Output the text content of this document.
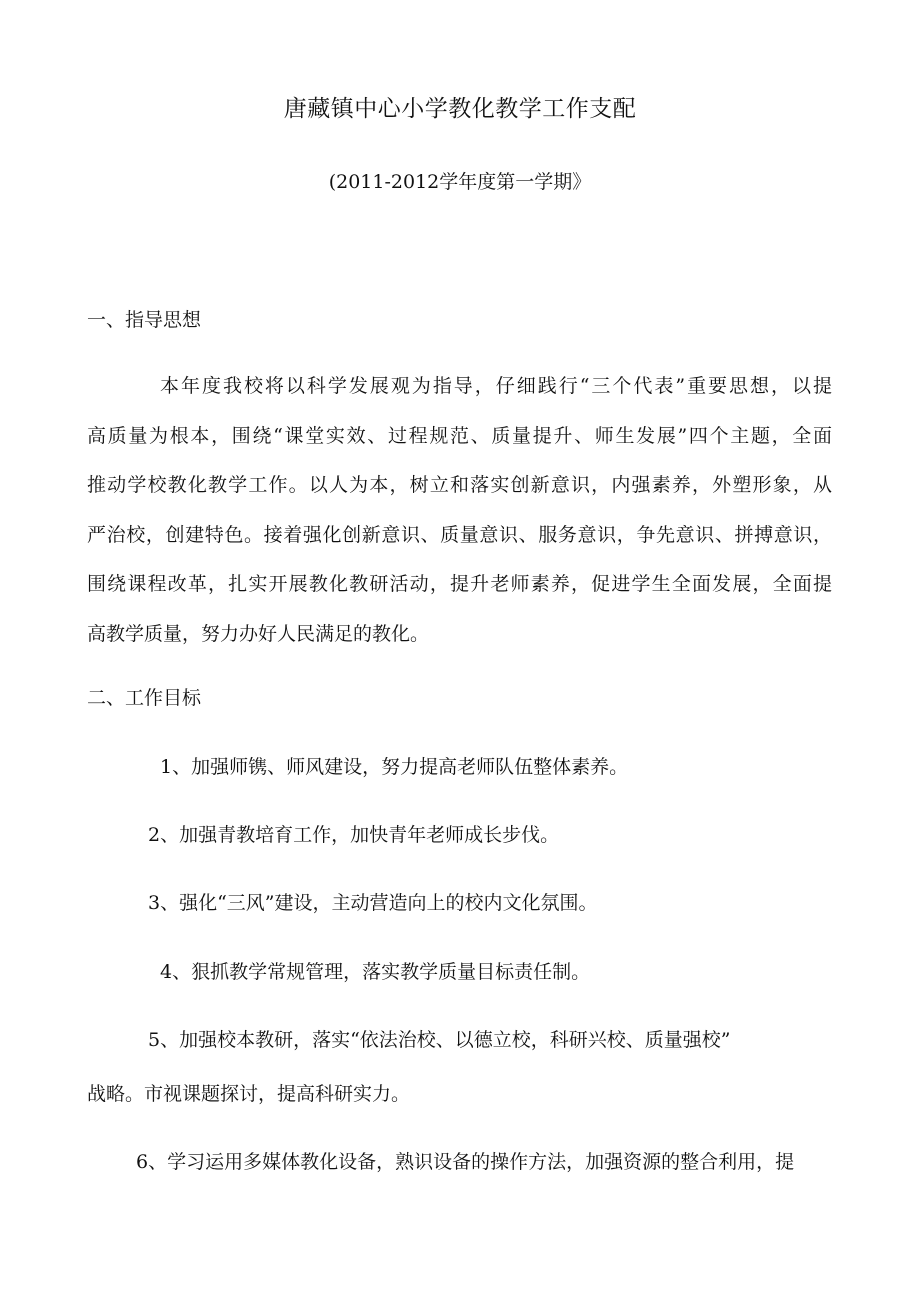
唐藏镇中心小学教化教学工作支配
(2011-2012学年度第一学期》
一、指导思想
本年度我校将以科学发展观为指导，仔细践行“三个代表”重要思想，以提
高质量为根本，围绕“课堂实效、过程规范、质量提升、师生发展”四个主题，全面
推动学校教化教学工作。以人为本，树立和落实创新意识，内强素养，外塑形象，从
严治校，创建特色。接着强化创新意识、质量意识、服务意识，争先意识、拼搏意识，
围绕课程改革，扎实开展教化教研活动，提升老师素养，促进学生全面发展，全面提
高教学质量，努力办好人民满足的教化。
二、工作目标
1、加强师镌、师风建设，努力提高老师队伍整体素养。
2、加强青教培育工作，加快青年老师成长步伐。
3、强化“三风”建设，主动营造向上的校内文化氛围。
4、狠抓教学常规管理，落实教学质量目标责任制。
5、加强校本教研，落实“依法治校、以德立校，科研兴校、质量强校”
战略。市视课题探讨，提高科研实力。
6、学习运用多媒体教化设备，熟识设备的操作方法，加强资源的整合利用，提
